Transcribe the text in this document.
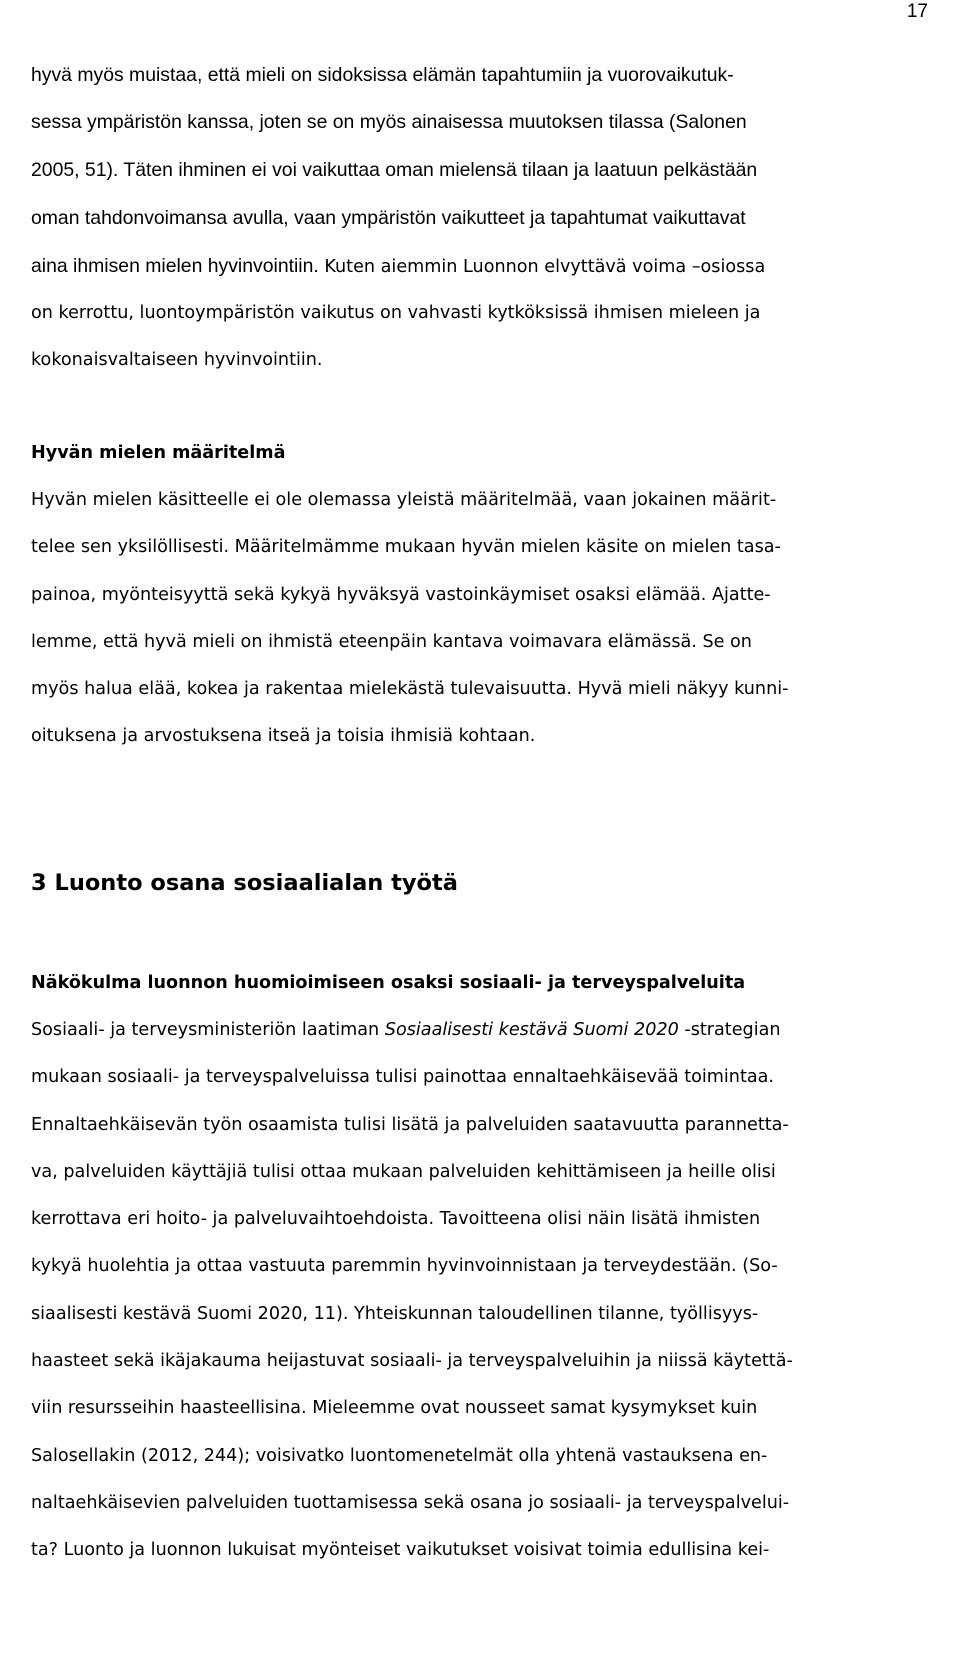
17
hyvä myös muistaa, että mieli on sidoksissa elämän tapahtumiin ja vuorovaikutuk-
sessa ympäristön kanssa, joten se on myös ainaisessa muutoksen tilassa (Salonen
2005, 51). Täten ihminen ei voi vaikuttaa oman mielensä tilaan ja laatuun pelkästään
oman tahdonvoimansa avulla, vaan ympäristön vaikutteet ja tapahtumat vaikuttavat
aina ihmisen mielen hyvinvointiin. Kuten aiemmin Luonnon elvyttävä voima –osiossa
on kerrottu, luontoympäristön vaikutus on vahvasti kytköksissä ihmisen mieleen ja
kokonaisvaltaiseen hyvinvointiin.
Hyvän mielen määritelmä
Hyvän mielen käsitteelle ei ole olemassa yleistä määritelmää, vaan jokainen määrit-
telee sen yksilöllisesti. Määritelmämme mukaan hyvän mielen käsite on mielen tasa-
painoa, myönteisyyttä sekä kykyä hyväksyä vastoinkäymiset osaksi elämää. Ajatte-
lemme, että hyvä mieli on ihmistä eteenpäin kantava voimavara elämässä. Se on
myös halua elää, kokea ja rakentaa mielekästä tulevaisuutta. Hyvä mieli näkyy kunni-
oituksena ja arvostuksena itseä ja toisia ihmisiä kohtaan.
3 Luonto osana sosiaalialan työtä
Näkökulma luonnon huomioimiseen osaksi sosiaali- ja terveyspalveluita
Sosiaali- ja terveysministeriön laatiman Sosiaalisesti kestävä Suomi 2020 -strategian
mukaan sosiaali- ja terveyspalveluissa tulisi painottaa ennaltaehkäisevää toimintaa.
Ennaltaehkäisevän työn osaamista tulisi lisätä ja palveluiden saatavuutta parannetta-
va, palveluiden käyttäjiä tulisi ottaa mukaan palveluiden kehittämiseen ja heille olisi
kerrottava eri hoito- ja palveluvaihtoehdoista. Tavoitteena olisi näin lisätä ihmisten
kykyä huolehtia ja ottaa vastuuta paremmin hyvinvoinnistaan ja terveydestään. (So-
siaalisesti kestävä Suomi 2020, 11). Yhteiskunnan taloudellinen tilanne, työllisyys-
haasteet sekä ikäjakauma heijastuvat sosiaali- ja terveyspalveluihin ja niissä käytettä-
viin resursseihin haasteellisina. Mieleemme ovat nousseet samat kysymykset kuin
Salosellakin (2012, 244); voisivatko luontomenetelmät olla yhtenä vastauksena en-
naltaehkäisevien palveluiden tuottamisessa sekä osana jo sosiaali- ja terveyspalvelui-
ta? Luonto ja luonnon lukuisat myönteiset vaikutukset voisivat toimia edullisina kei-
